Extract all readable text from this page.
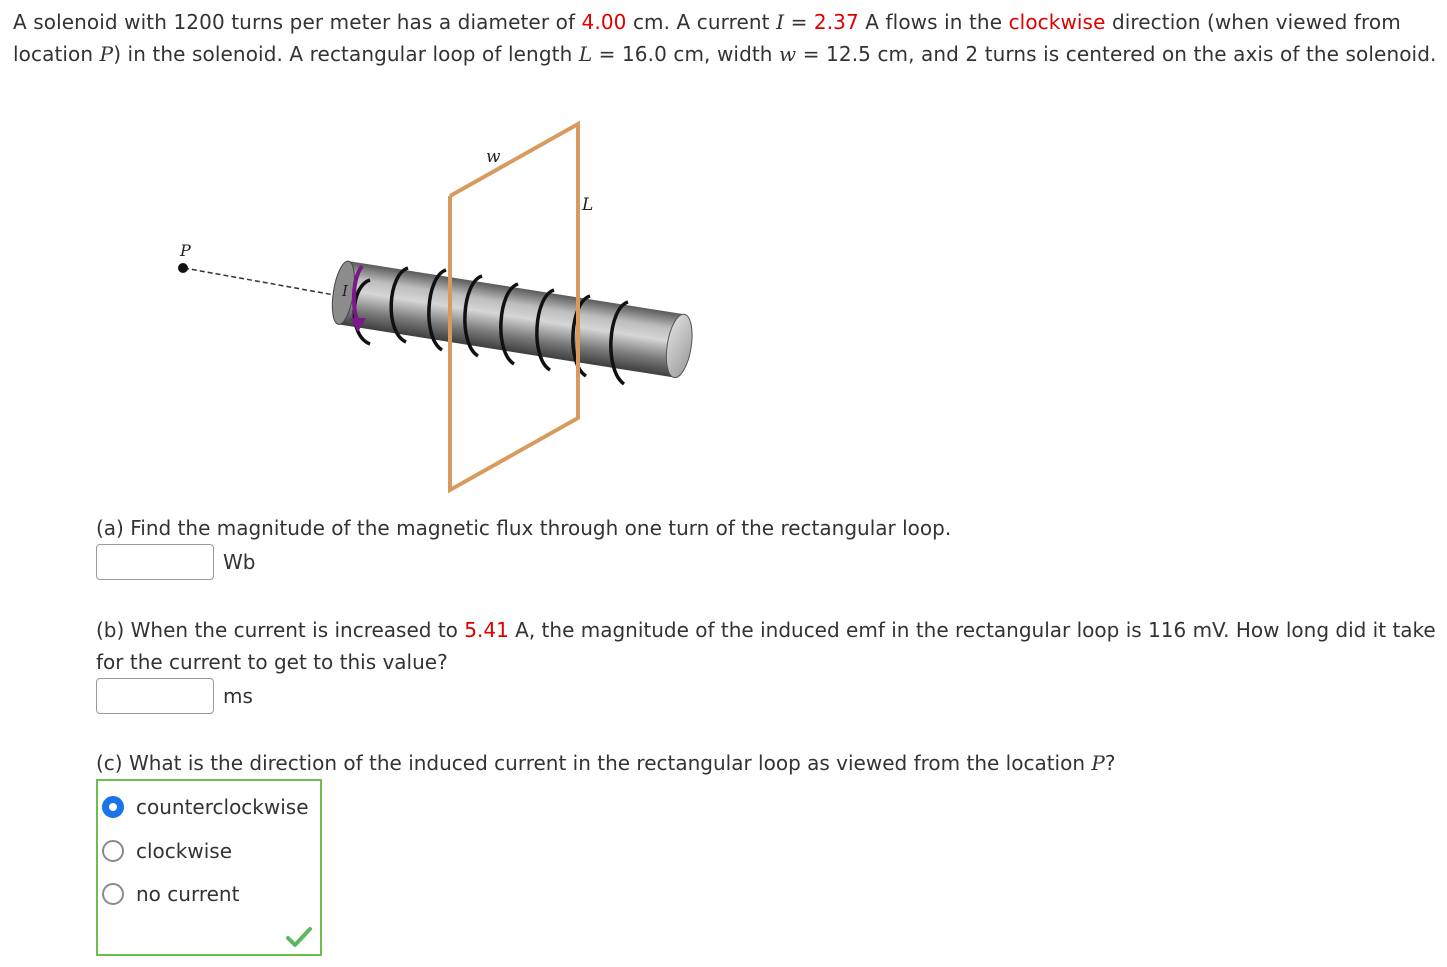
A solenoid with 1200 turns per meter has a diameter of 4.00 cm. A current I = 2.37 A flows in the clockwise direction (when viewed from location P) in the solenoid. A rectangular loop of length L = 16.0 cm, width w = 12.5 cm, and 2 turns is centered on the axis of the solenoid.

P
I
w
L

(a) Find the magnitude of the magnetic flux through one turn of the rectangular loop.

Wb

(b) When the current is increased to 5.41 A, the magnitude of the induced emf in the rectangular loop is 116 mV. How long did it take for the current to get to this value?

ms

(c) What is the direction of the induced current in the rectangular loop as viewed from the location P?

counterclockwise
clockwise
no current
